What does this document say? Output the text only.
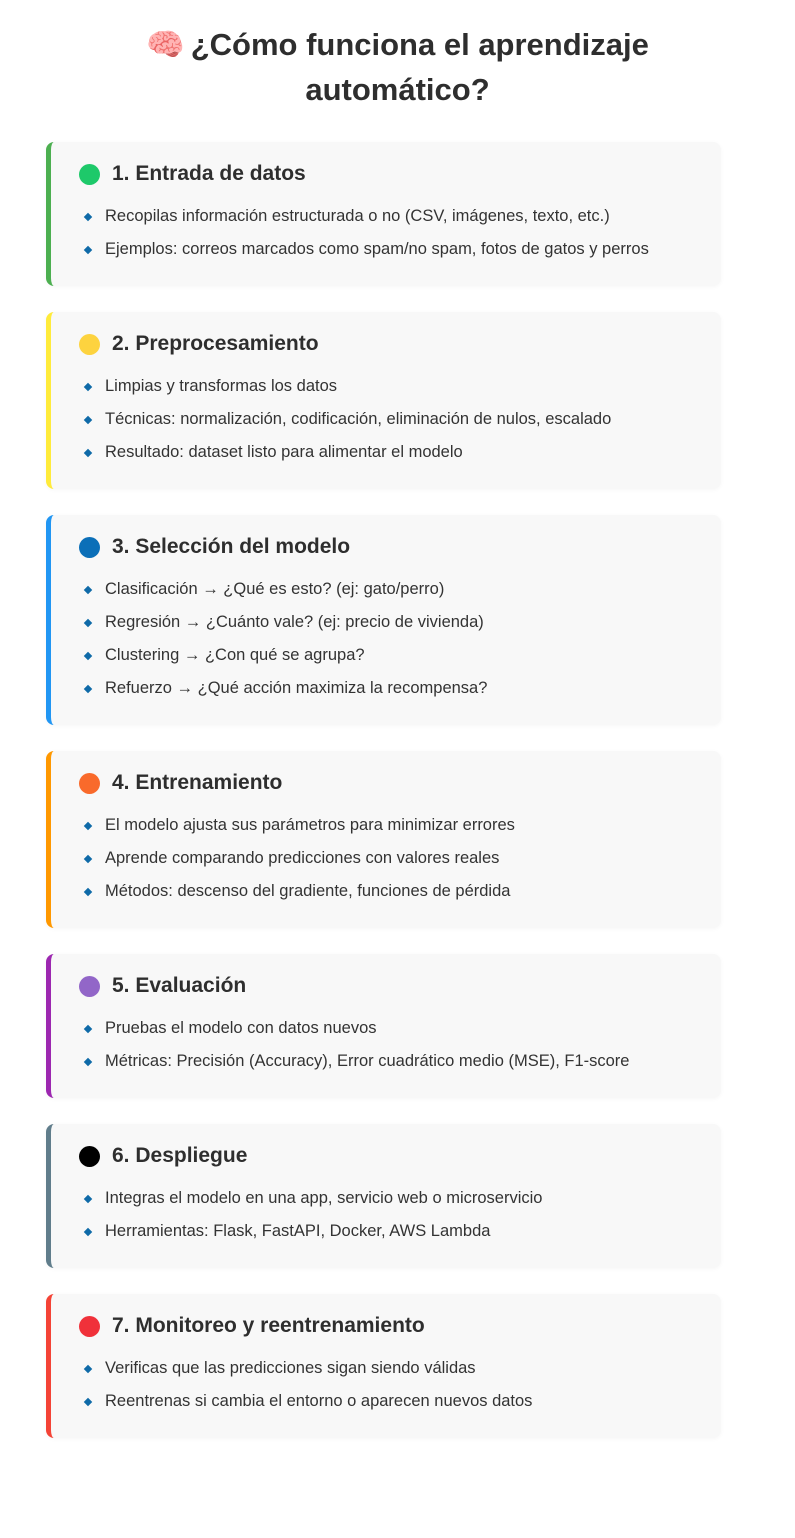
🧠 ¿Cómo funciona el aprendizaje automático?
1. Entrada de datos
Recopilas información estructurada o no (CSV, imágenes, texto, etc.)
Ejemplos: correos marcados como spam/no spam, fotos de gatos y perros
2. Preprocesamiento
Limpias y transformas los datos
Técnicas: normalización, codificación, eliminación de nulos, escalado
Resultado: dataset listo para alimentar el modelo
3. Selección del modelo
Clasificación → ¿Qué es esto? (ej: gato/perro)
Regresión → ¿Cuánto vale? (ej: precio de vivienda)
Clustering → ¿Con qué se agrupa?
Refuerzo → ¿Qué acción maximiza la recompensa?
4. Entrenamiento
El modelo ajusta sus parámetros para minimizar errores
Aprende comparando predicciones con valores reales
Métodos: descenso del gradiente, funciones de pérdida
5. Evaluación
Pruebas el modelo con datos nuevos
Métricas: Precisión (Accuracy), Error cuadrático medio (MSE), F1-score
6. Despliegue
Integras el modelo en una app, servicio web o microservicio
Herramientas: Flask, FastAPI, Docker, AWS Lambda
7. Monitoreo y reentrenamiento
Verificas que las predicciones sigan siendo válidas
Reentrenas si cambia el entorno o aparecen nuevos datos
